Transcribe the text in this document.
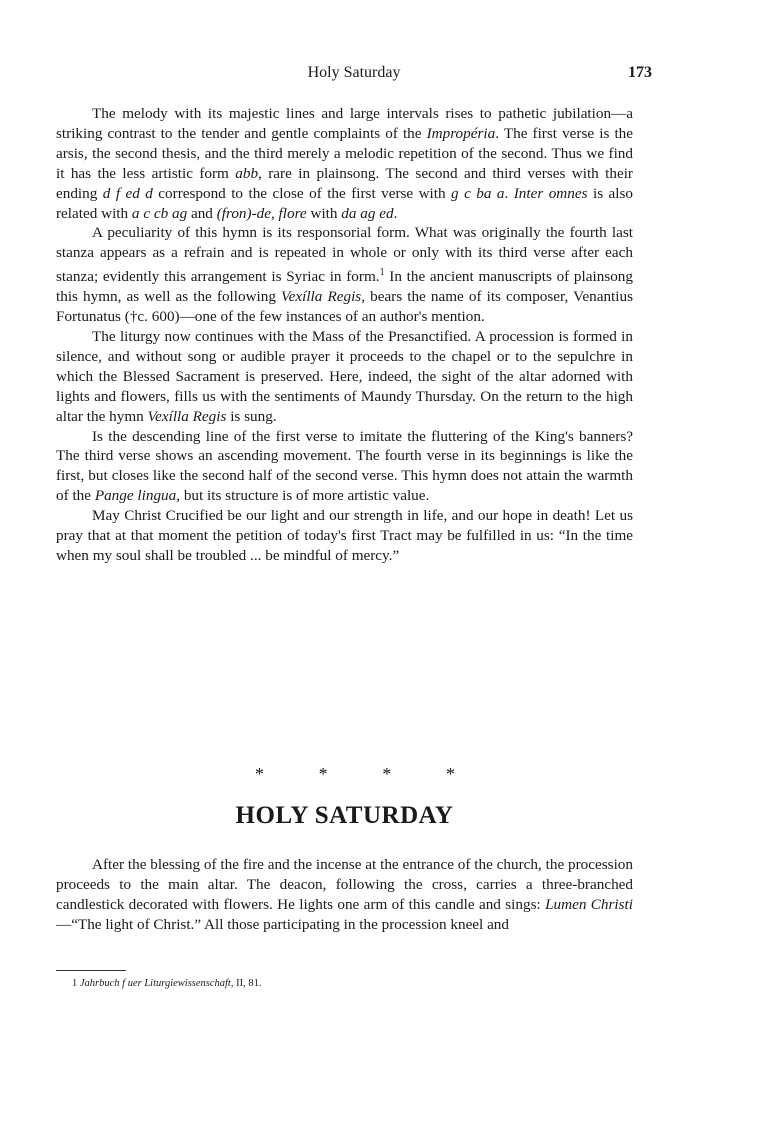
Holy Saturday	173

The melody with its majestic lines and large intervals rises to pathetic jubilation—a striking contrast to the tender and gentle complaints of the Impropéria. The first verse is the arsis, the second thesis, and the third merely a melodic repetition of the second. Thus we find it has the less artistic form abb, rare in plainsong. The second and third verses with their ending d f ed d correspond to the close of the first verse with g c ba a. Inter omnes is also related with a c cb ag and (fron)-de, flore with da ag ed.

A peculiarity of this hymn is its responsorial form. What was originally the fourth last stanza appears as a refrain and is repeated in whole or only with its third verse after each stanza; evidently this arrangement is Syriac in form.$^1$ In the ancient manuscripts of plainsong this hymn, as well as the following Vexílla Regis, bears the name of its composer, Venantius Fortunatus (†c. 600)—one of the few instances of an author's mention.

The liturgy now continues with the Mass of the Presanctified. A procession is formed in silence, and without song or audible prayer it proceeds to the chapel or to the sepulchre in which the Blessed Sacrament is preserved. Here, indeed, the sight of the altar adorned with lights and flowers, fills us with the sentiments of Maundy Thursday. On the return to the high altar the hymn Vexílla Regis is sung.

Is the descending line of the first verse to imitate the fluttering of the King's banners? The third verse shows an ascending movement. The fourth verse in its beginnings is like the first, but closes like the second half of the second verse. This hymn does not attain the warmth of the Pange lingua, but its structure is of more artistic value.

May Christ Crucified be our light and our strength in life, and our hope in death! Let us pray that at that moment the petition of today's first Tract may be fulfilled in us: “In the time when my soul shall be troubled ... be mindful of mercy.”

*	*	*	*
HOLY SATURDAY

After the blessing of the fire and the incense at the entrance of the church, the procession proceeds to the main altar. The deacon, following the cross, carries a three-branched candlestick decorated with flowers. He lights one arm of this candle and sings: Lumen Christi—“The light of Christ.” All those participating in the procession kneel and

1 Jahrbuch f uer Liturgiewissenschaft, II, 81.
